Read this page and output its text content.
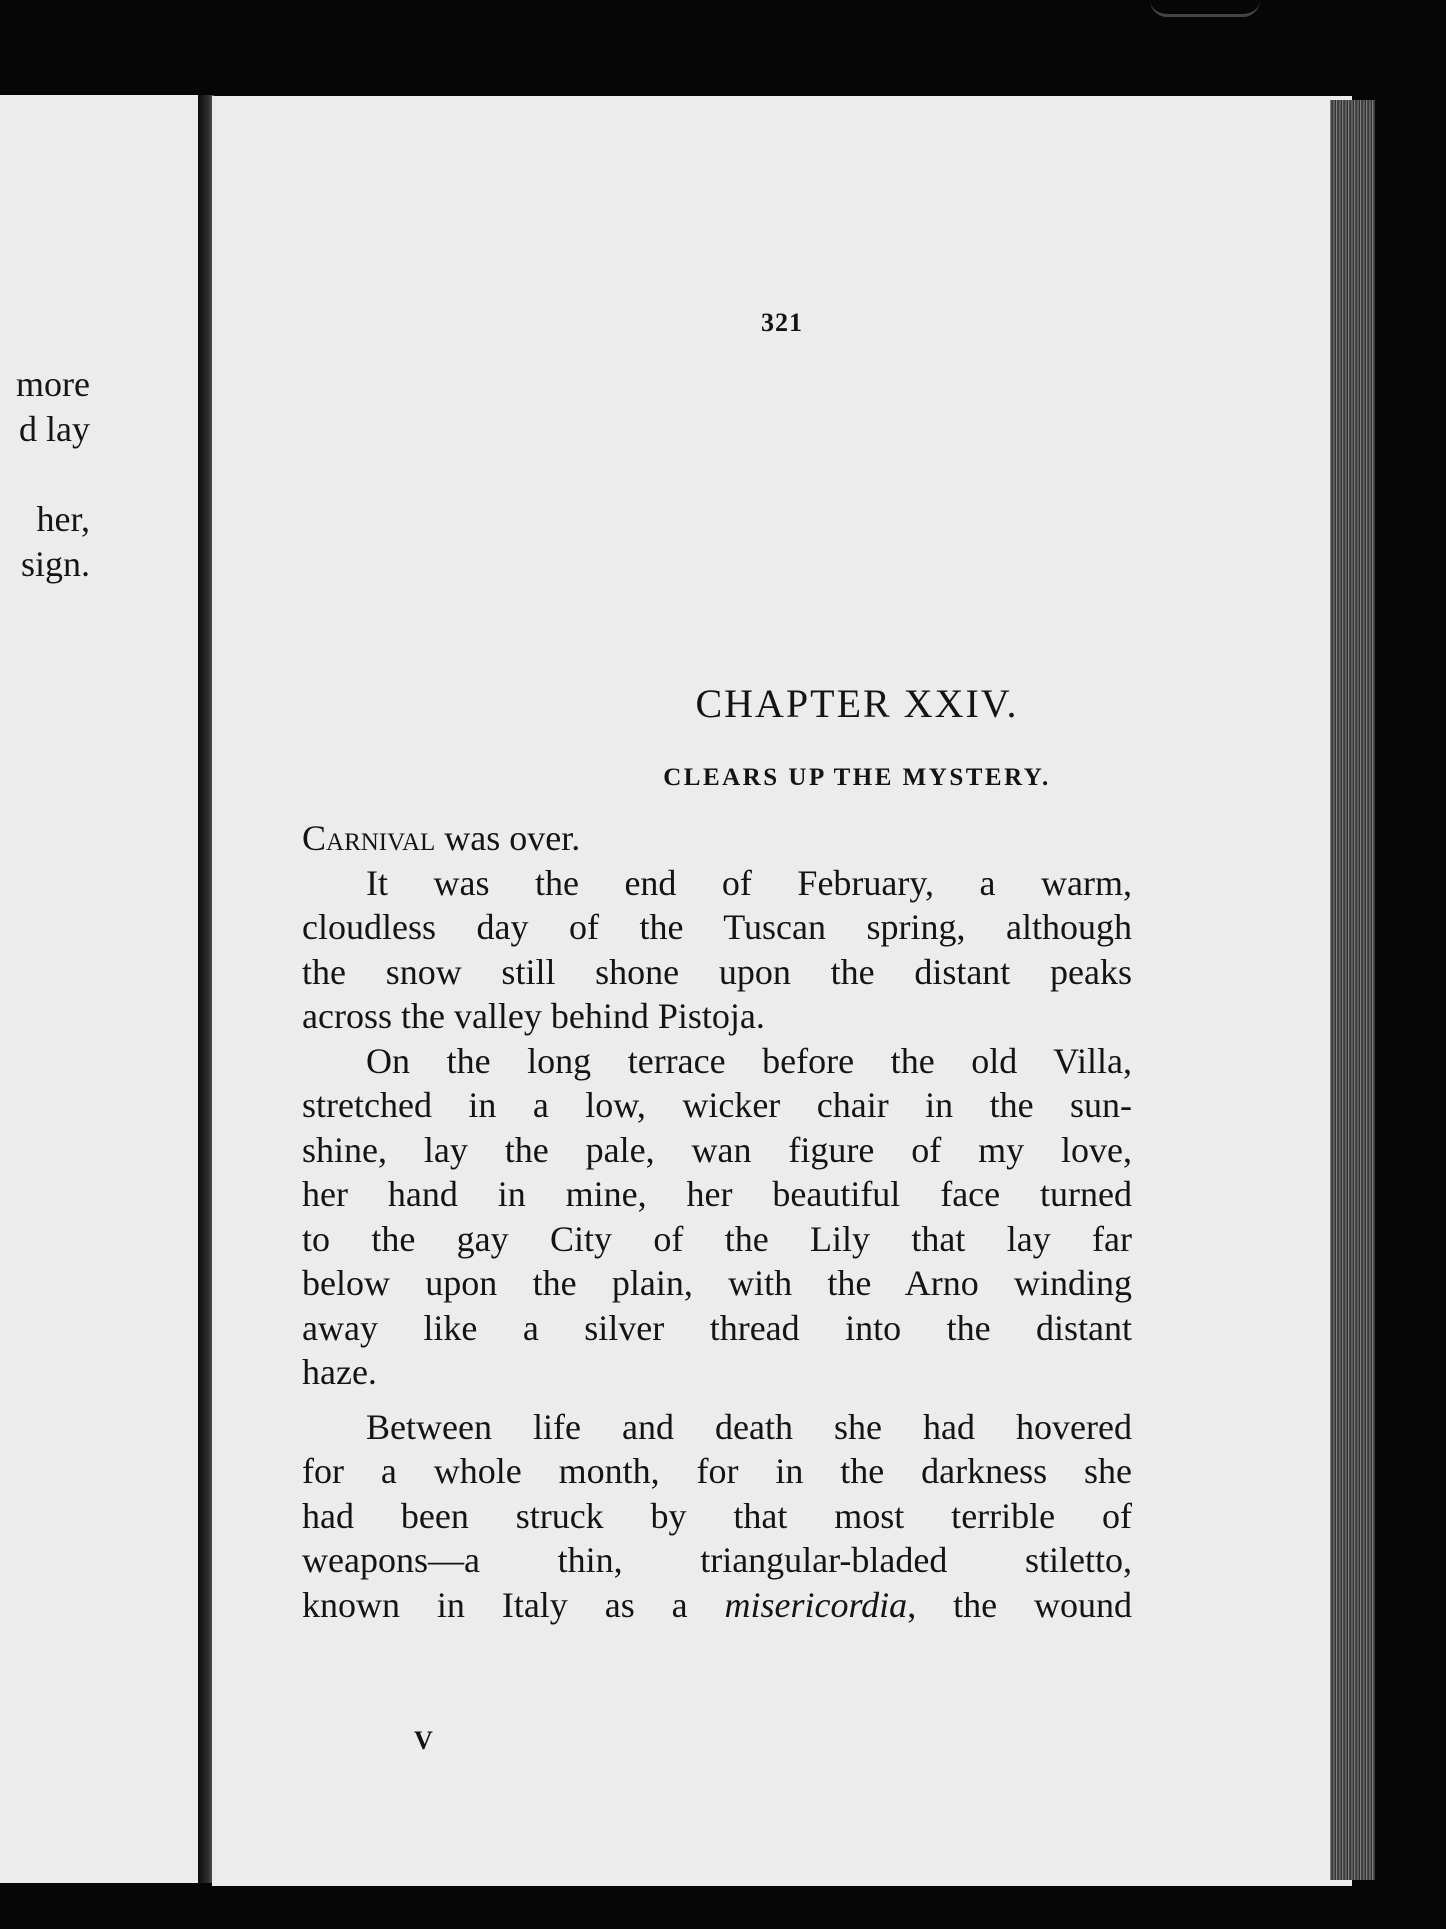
more
d lay
her,
sign.
321
CHAPTER XXIV.
CLEARS UP THE MYSTERY.
Carnival was over.
It was the end of February, a warm,
cloudless day of the Tuscan spring, although
the snow still shone upon the distant peaks
across the valley behind Pistoja.
On the long terrace before the old Villa,
stretched in a low, wicker chair in the sun-
shine, lay the pale, wan figure of my love,
her hand in mine, her beautiful face turned
to the gay City of the Lily that lay far
below upon the plain, with the Arno winding
away like a silver thread into the distant
haze.
Between life and death she had hovered
for a whole month, for in the darkness she
had been struck by that most terrible of
weapons—a thin, triangular-bladed stiletto,
known in Italy as a misericordia, the wound
V
